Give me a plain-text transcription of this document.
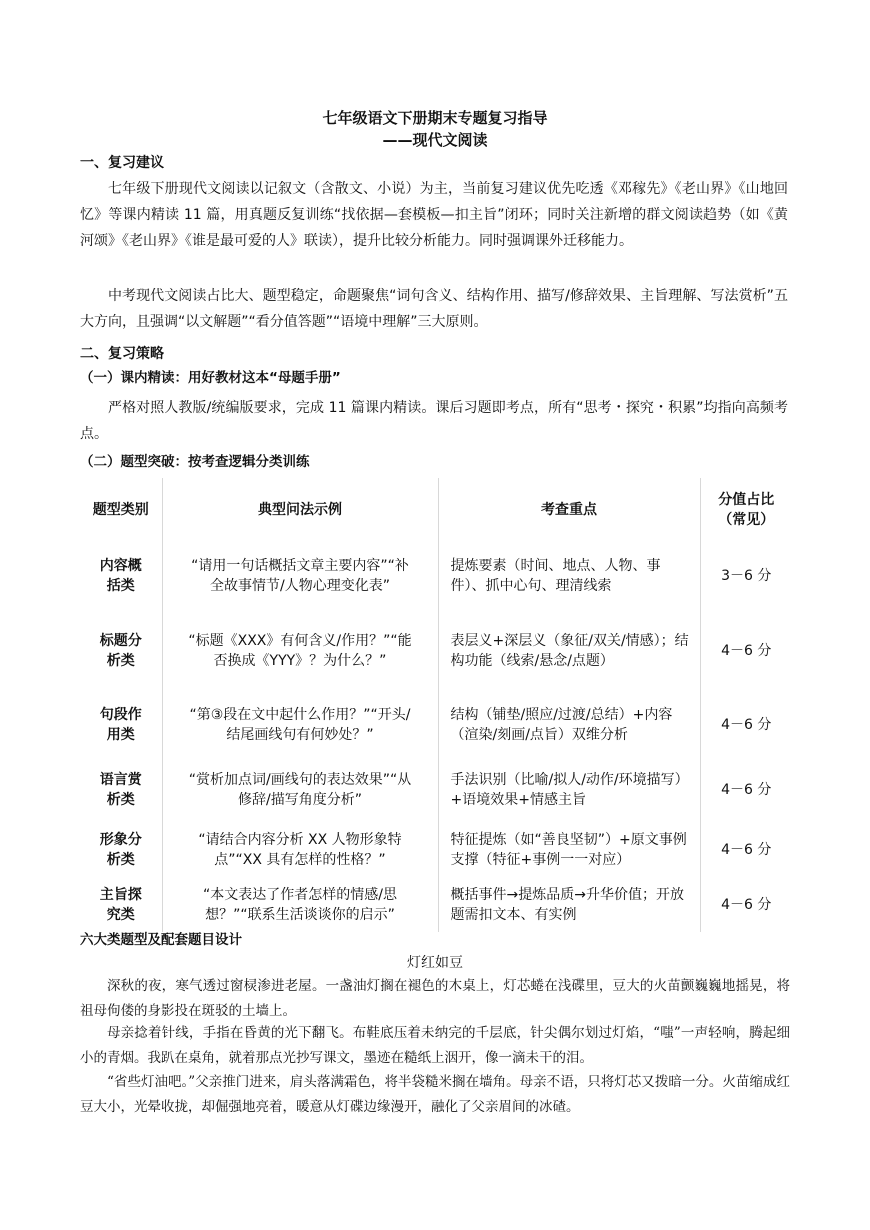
七年级语文下册期末专题复习指导
——现代文阅读
一、复习建议
七年级下册现代文阅读以记叙文（含散文、小说）为主，当前复习建议优先吃透《邓稼先》《老山界》《山地回忆》等课内精读 11 篇，用真题反复训练“找依据—套模板—扣主旨”闭环；同时关注新增的群文阅读趋势（如《黄河颂》《老山界》《谁是最可爱的人》联读），提升比较分析能力。同时强调课外迁移能力。
中考现代文阅读占比大、题型稳定，命题聚焦“词句含义、结构作用、描写/修辞效果、主旨理解、写法赏析”五大方向，且强调“以文解题”“看分值答题”“语境中理解”三大原则。
二、复习策略
（一）课内精读：用好教材这本“母题手册”
严格对照人教版/统编版要求，完成 11 篇课内精读。课后习题即考点，所有“思考・探究・积累”均指向高频考点。
（二）题型突破：按考查逻辑分类训练
题型类别	典型问法示例	考查重点	分值占比（常见）
内容概括类	“请用一句话概括文章主要内容”“补全故事情节/人物心理变化表”	提炼要素（时间、地点、人物、事件）、抓中心句、理清线索	3－6 分
标题分析类	“标题《XXX》有何含义/作用？”“能否换成《YYY》？为什么？”	表层义+深层义（象征/双关/情感）；结构功能（线索/悬念/点题）	4－6 分
句段作用类	“第③段在文中起什么作用？”“开头/结尾画线句有何妙处？”	结构（铺垫/照应/过渡/总结）+内容（渲染/刻画/点旨）双维分析	4－6 分
语言赏析类	“赏析加点词/画线句的表达效果”“从修辞/描写角度分析”	手法识别（比喻/拟人/动作/环境描写）+语境效果+情感主旨	4－6 分
形象分析类	“请结合内容分析 XX 人物形象特点”“XX 具有怎样的性格？”	特征提炼（如“善良坚韧”）+原文事例支撑（特征+事例一一对应）	4－6 分
主旨探究类	“本文表达了作者怎样的情感/思想？”“联系生活谈谈你的启示”	概括事件→提炼品质→升华价值；开放题需扣文本、有实例	4－6 分
六大类题型及配套题目设计
灯红如豆
深秋的夜，寒气透过窗棂渗进老屋。一盏油灯搁在褪色的木桌上，灯芯蜷在浅碟里，豆大的火苗颤巍巍地摇晃，将祖母佝偻的身影投在斑驳的土墙上。
母亲捻着针线，手指在昏黄的光下翻飞。布鞋底压着未纳完的千层底，针尖偶尔划过灯焰，“嗤”一声轻响，腾起细小的青烟。我趴在桌角，就着那点光抄写课文，墨迹在糙纸上洇开，像一滴未干的泪。
“省些灯油吧。”父亲推门进来，肩头落满霜色，将半袋糙米搁在墙角。母亲不语，只将灯芯又拨暗一分。火苗缩成红豆大小，光晕收拢，却倔强地亮着，暖意从灯碟边缘漫开，融化了父亲眉间的冰碴。
